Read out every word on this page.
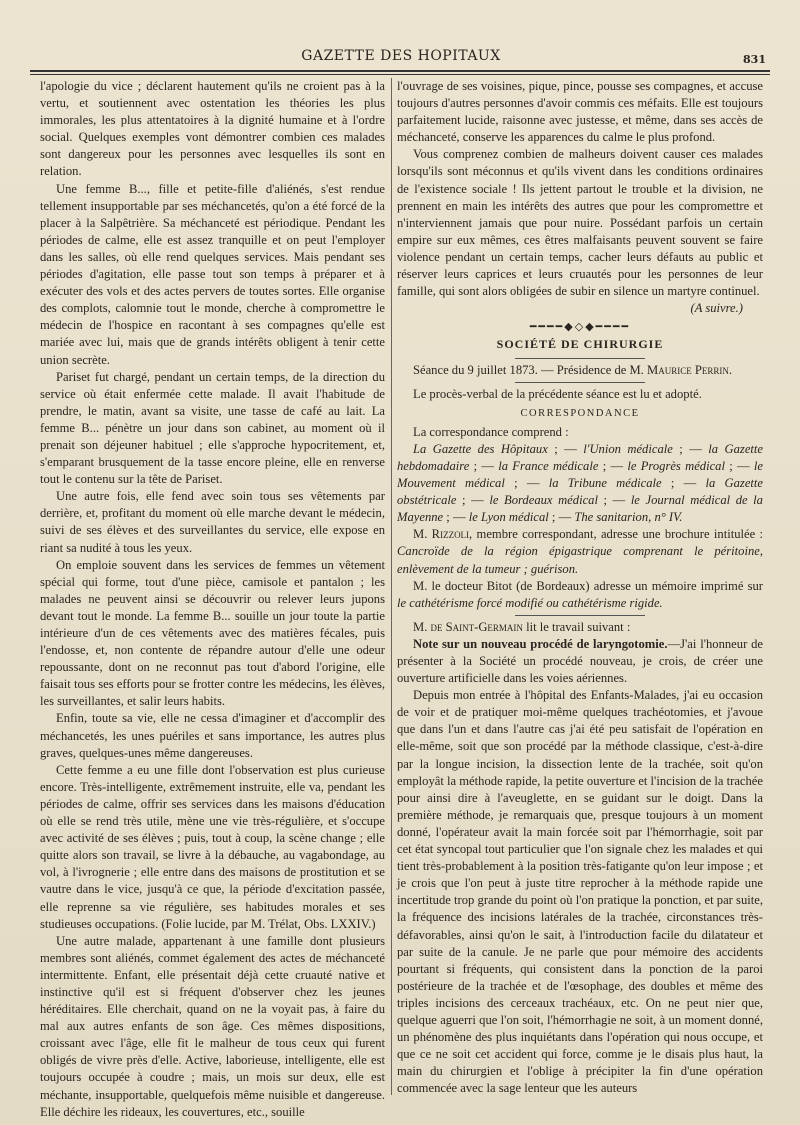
GAZETTE DES HOPITAUX	831

l'apologie du vice ; déclarent hautement qu'ils ne croient pas à la vertu, et soutiennent avec ostentation les théories les plus immorales, les plus attentatoires à la dignité humaine et à l'ordre social. Quelques exemples vont démontrer combien ces malades sont dangereux pour les personnes avec lesquelles ils sont en relation.

Une femme B..., fille et petite-fille d'aliénés, s'est rendue tellement insupportable par ses méchancetés, qu'on a été forcé de la placer à la Salpêtrière. Sa méchanceté est périodique. Pendant les périodes de calme, elle est assez tranquille et on peut l'employer dans les salles, où elle rend quelques services. Mais pendant ses périodes d'agitation, elle passe tout son temps à préparer et à exécuter des vols et des actes pervers de toutes sortes. Elle organise des complots, calomnie tout le monde, cherche à compromettre le médecin de l'hospice en racontant à ses compagnes qu'elle est mariée avec lui, mais que de grands intérêts obligent à tenir cette union secrète.

Pariset fut chargé, pendant un certain temps, de la direction du service où était enfermée cette malade. Il avait l'habitude de prendre, le matin, avant sa visite, une tasse de café au lait. La femme B... pénètre un jour dans son cabinet, au moment où il prenait son déjeuner habituel ; elle s'approche hypocritement, et, s'emparant brusquement de la tasse encore pleine, elle en renverse tout le contenu sur la tête de Pariset.

Une autre fois, elle fend avec soin tous ses vêtements par derrière, et, profitant du moment où elle marche devant le médecin, suivi de ses élèves et des surveillantes du service, elle expose en riant sa nudité à tous les yeux.

On emploie souvent dans les services de femmes un vêtement spécial qui forme, tout d'une pièce, camisole et pantalon ; les malades ne peuvent ainsi se découvrir ou relever leurs jupons devant tout le monde. La femme B... souille un jour toute la partie intérieure d'un de ces vêtements avec des matières fécales, puis l'endosse, et, non contente de répandre autour d'elle une odeur repoussante, dont on ne reconnut pas tout d'abord l'origine, elle faisait tous ses efforts pour se frotter contre les médecins, les élèves, les surveillantes, et salir leurs habits.

Enfin, toute sa vie, elle ne cessa d'imaginer et d'accomplir des méchancetés, les unes puériles et sans importance, les autres plus graves, quelques-unes même dangereuses.

Cette femme a eu une fille dont l'observation est plus curieuse encore. Très-intelligente, extrêmement instruite, elle va, pendant les périodes de calme, offrir ses services dans les maisons d'éducation où elle se rend très utile, mène une vie très-régulière, et s'occupe avec activité de ses élèves ; puis, tout à coup, la scène change ; elle quitte alors son travail, se livre à la débauche, au vagabondage, au vol, à l'ivrognerie ; elle entre dans des maisons de prostitution et se vautre dans le vice, jusqu'à ce que, la période d'excitation passée, elle reprenne sa vie régulière, ses habitudes morales et ses studieuses occupations. (Folie lucide, par M. Trélat, Obs. LXXIV.)

Une autre malade, appartenant à une famille dont plusieurs membres sont aliénés, commet également des actes de méchanceté intermittente. Enfant, elle présentait déjà cette cruauté native et instinctive qu'il est si fréquent d'observer chez les jeunes héréditaires. Elle cherchait, quand on ne la voyait pas, à faire du mal aux autres enfants de son âge. Ces mêmes dispositions, croissant avec l'âge, elle fit le malheur de tous ceux qui furent obligés de vivre près d'elle. Active, laborieuse, intelligente, elle est toujours occupée à coudre ; mais, un mois sur deux, elle est méchante, insupportable, quelquefois même nuisible et dangereuse. Elle déchire les rideaux, les couvertures, etc., souille

l'ouvrage de ses voisines, pique, pince, pousse ses compagnes, et accuse toujours d'autres personnes d'avoir commis ces méfaits. Elle est toujours parfaitement lucide, raisonne avec justesse, et même, dans ses accès de méchanceté, conserve les apparences du calme le plus profond.

Vous comprenez combien de malheurs doivent causer ces malades lorsqu'ils sont méconnus et qu'ils vivent dans les conditions ordinaires de l'existence sociale ! Ils jettent partout le trouble et la division, ne prennent en main les intérêts des autres que pour les compromettre et n'interviennent jamais que pour nuire. Possédant parfois un certain empire sur eux mêmes, ces êtres malfaisants peuvent souvent se faire violence pendant un certain temps, cacher leurs défauts au public et réserver leurs caprices et leurs cruautés pour les personnes de leur famille, qui sont alors obligées de subir en silence un martyre continuel.

(A suivre.)
━━━━◆◇◆━━━━
SOCIÉTÉ DE CHIRURGIE

Séance du 9 juillet 1873. — Présidence de M. Maurice Perrin.

Le procès-verbal de la précédente séance est lu et adopté.

CORRESPONDANCE

La correspondance comprend :

La Gazette des Hôpitaux ; — l'Union médicale ; — la Gazette hebdomadaire ; — la France médicale ; — le Progrès médical ; — le Mouvement médical ; — la Tribune médicale ; — la Gazette obstétricale ; — le Bordeaux médical ; — le Journal médical de la Mayenne ; — le Lyon médical ; — The sanitarion, n° IV.

M. Rizzoli, membre correspondant, adresse une brochure intitulée : Cancroïde de la région épigastrique comprenant le péritoine, enlèvement de la tumeur ; guérison.

M. le docteur Bitot (de Bordeaux) adresse un mémoire imprimé sur le cathétérisme forcé modifié ou cathétérisme rigide.

M. de Saint-Germain lit le travail suivant :

Note sur un nouveau procédé de laryngotomie.—J'ai l'honneur de présenter à la Société un procédé nouveau, je crois, de créer une ouverture artificielle dans les voies aériennes.

Depuis mon entrée à l'hôpital des Enfants-Malades, j'ai eu occasion de voir et de pratiquer moi-même quelques trachéotomies, et j'avoue que dans l'un et dans l'autre cas j'ai été peu satisfait de l'opération en elle-même, soit que son procédé par la méthode classique, c'est-à-dire par la longue incision, la dissection lente de la trachée, soit qu'on employât la méthode rapide, la petite ouverture et l'incision de la trachée pour ainsi dire à l'aveuglette, en se guidant sur le doigt. Dans la première méthode, je remarquais que, presque toujours à un moment donné, l'opérateur avait la main forcée soit par l'hémorrhagie, soit par cet état syncopal tout particulier que l'on signale chez les malades et qui tient très-probablement à la position très-fatigante qu'on leur impose ; et je crois que l'on peut à juste titre reprocher à la méthode rapide une incertitude trop grande du point où l'on pratique la ponction, et par suite, la fréquence des incisions latérales de la trachée, circonstances très-défavorables, ainsi qu'on le sait, à l'introduction facile du dilatateur et par suite de la canule. Je ne parle que pour mémoire des accidents pourtant si fréquents, qui consistent dans la ponction de la paroi postérieure de la trachée et de l'œsophage, des doubles et même des triples incisions des cerceaux trachéaux, etc. On ne peut nier que, quelque aguerri que l'on soit, l'hémorrhagie ne soit, à un moment donné, un phénomène des plus inquiétants dans l'opération qui nous occupe, et que ce ne soit cet accident qui force, comme je le disais plus haut, la main du chirurgien et l'oblige à précipiter la fin d'une opération commencée avec la sage lenteur que les auteurs
